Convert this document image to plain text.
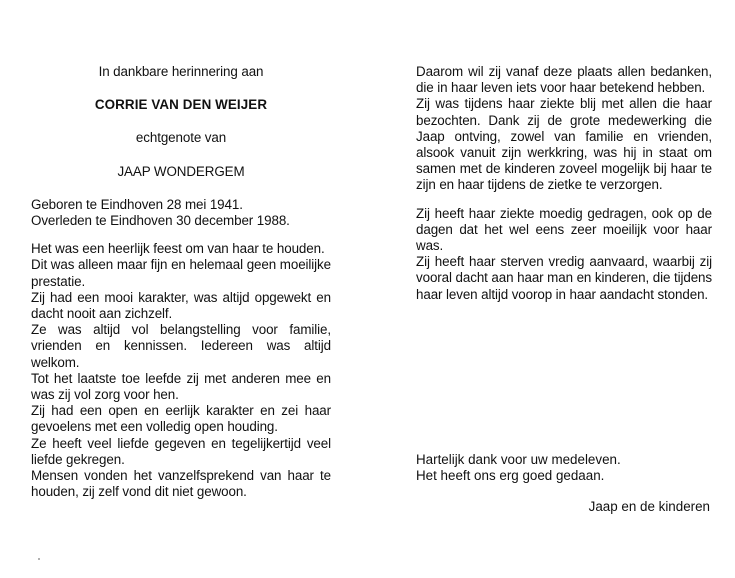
In dankbare herinnering aan
CORRIE VAN DEN WEIJER
echtgenote van
JAAP WONDERGEM

Geboren te Eindhoven 28 mei 1941.

Overleden te Eindhoven 30 december 1988.

Het was een heerlijk feest om van haar te houden.

Dit was alleen maar fijn en helemaal geen moeilijke prestatie.

Zij had een mooi karakter, was altijd opgewekt en dacht nooit aan zichzelf.

Ze was altijd vol belangstelling voor familie, vrienden en kennissen. Iedereen was altijd welkom.

Tot het laatste toe leefde zij met anderen mee en was zij vol zorg voor hen.

Zij had een open en eerlijk karakter en zei haar gevoelens met een volledig open houding.

Ze heeft veel liefde gegeven en tegelijkertijd veel liefde gekregen.

Mensen vonden het vanzelfsprekend van haar te houden, zij zelf vond dit niet gewoon.

Daarom wil zij vanaf deze plaats allen bedanken, die in haar leven iets voor haar betekend hebben.

Zij was tijdens haar ziekte blij met allen die haar bezochten. Dank zij de grote medewerking die Jaap ontving, zowel van familie en vrienden, alsook vanuit zijn werkkring, was hij in staat om samen met de kinderen zoveel mogelijk bij haar te zijn en haar tijdens de zietke te verzorgen.

Zij heeft haar ziekte moedig gedragen, ook op de dagen dat het wel eens zeer moeilijk voor haar was.

Zij heeft haar sterven vredig aanvaard, waarbij zij vooral dacht aan haar man en kinderen, die tijdens haar leven altijd voorop in haar aandacht stonden.

Hartelijk dank voor uw medeleven.

Het heeft ons erg goed gedaan.

Jaap en de kinderen
